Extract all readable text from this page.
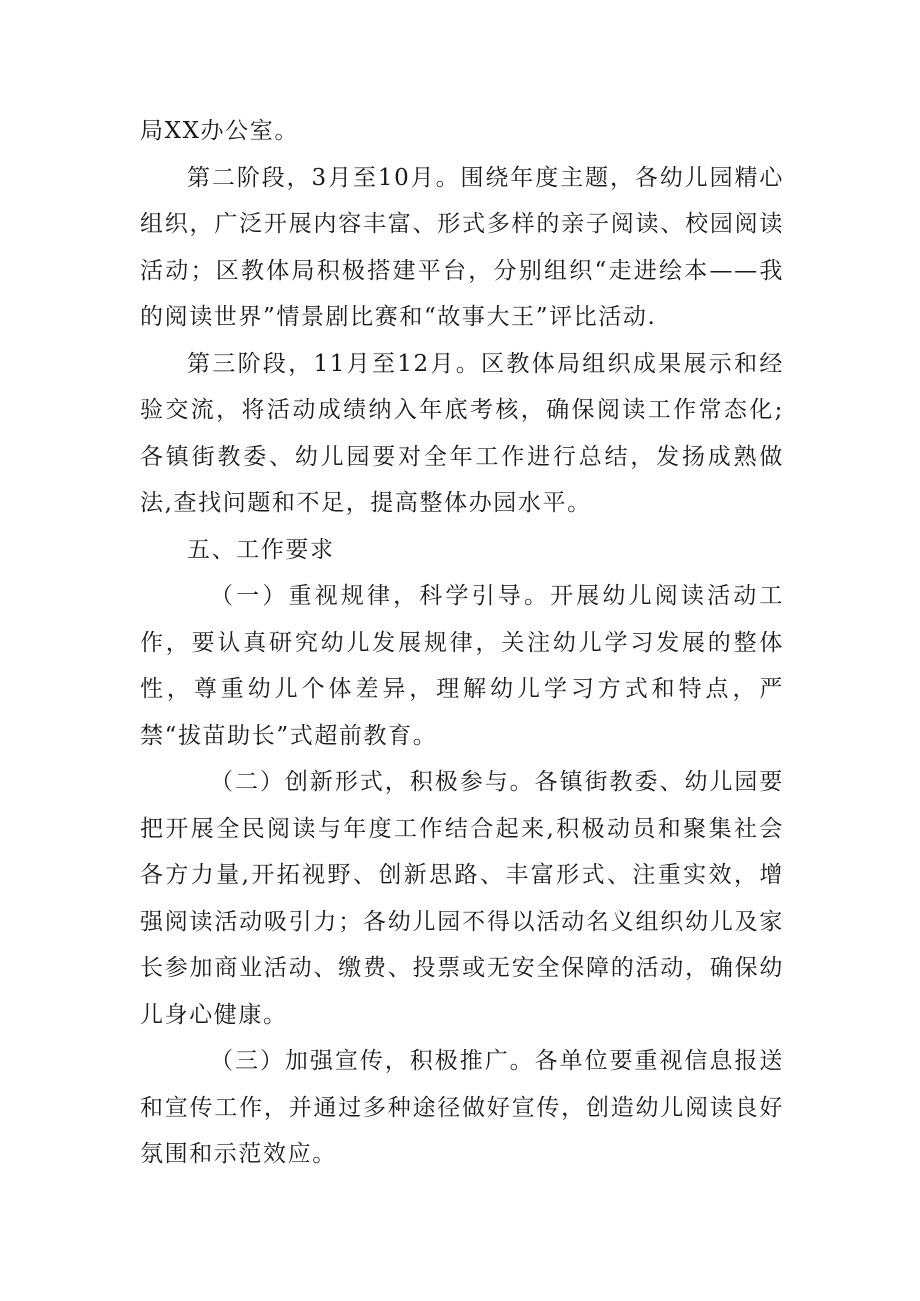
局XX办公室。

第二阶段，3月至10月。围绕年度主题，各幼儿园精心组织，广泛开展内容丰富、形式多样的亲子阅读、校园阅读活动；区教体局积极搭建平台，分别组织“走进绘本——我的阅读世界”情景剧比赛和“故事大王”评比活动.

第三阶段，11月至12月。区教体局组织成果展示和经验交流，将活动成绩纳入年底考核，确保阅读工作常态化;各镇街教委、幼儿园要对全年工作进行总结，发扬成熟做法,查找问题和不足，提高整体办园水平。

五、工作要求

（一）重视规律，科学引导。开展幼儿阅读活动工作，要认真研究幼儿发展规律，关注幼儿学习发展的整体性，尊重幼儿个体差异，理解幼儿学习方式和特点，严禁“拔苗助长”式超前教育。

（二）创新形式，积极参与。各镇街教委、幼儿园要把开展全民阅读与年度工作结合起来,积极动员和聚集社会各方力量,开拓视野、创新思路、丰富形式、注重实效，增强阅读活动吸引力；各幼儿园不得以活动名义组织幼儿及家长参加商业活动、缴费、投票或无安全保障的活动，确保幼儿身心健康。

（三）加强宣传，积极推广。各单位要重视信息报送和宣传工作，并通过多种途径做好宣传，创造幼儿阅读良好氛围和示范效应。
